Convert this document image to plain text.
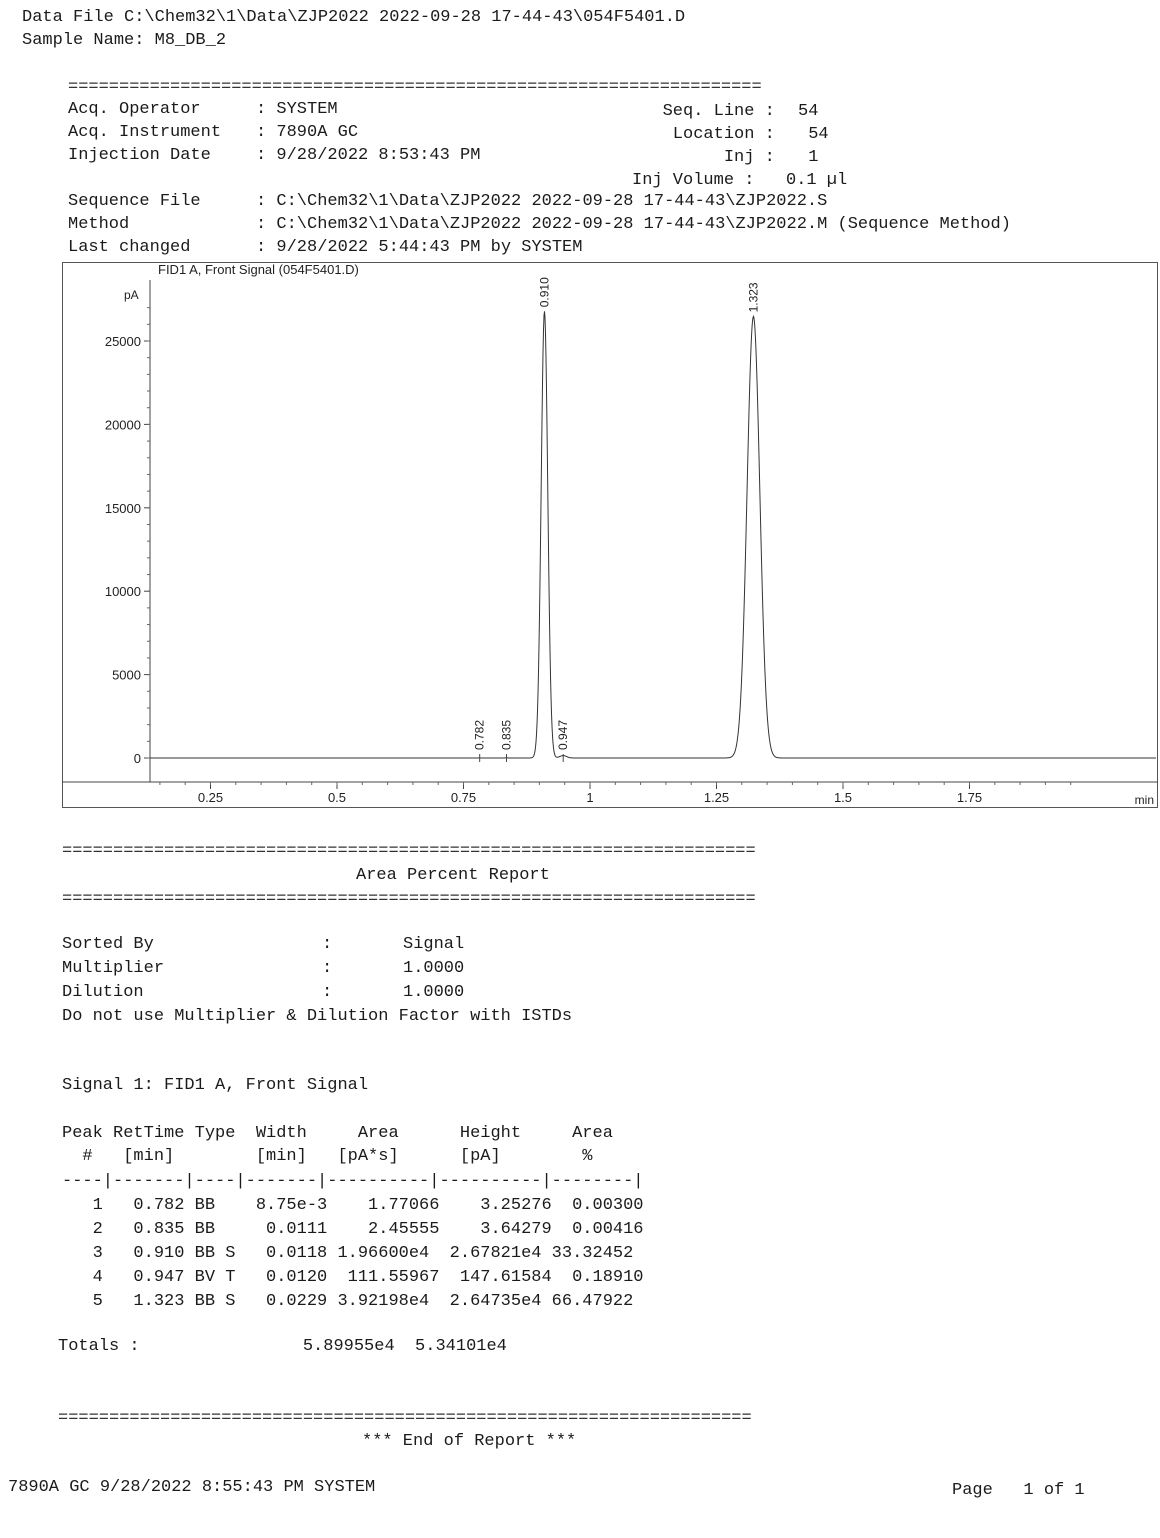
Data File C:\Chem32\1\Data\ZJP2022 2022-09-28 17-44-43\054F5401.D
Sample Name: M8_DB_2
====================================================================
Acq. Operator : SYSTEM
Acq. Instrument : 7890A GC
Injection Date : 9/28/2022 8:53:43 PM
Seq. Line : 54
Location : 54
Inj : 1
Inj Volume : 0.1 µl
Sequence File : C:\Chem32\1\Data\ZJP2022 2022-09-28 17-44-43\ZJP2022.S
Method : C:\Chem32\1\Data\ZJP2022 2022-09-28 17-44-43\ZJP2022.M (Sequence Method)
Last changed : 9/28/2022 5:44:43 PM by SYSTEM
FID1 A, Front Signal (054F5401.D)
pA
0
5000
10000
15000
20000
25000
0.25	0.5	0.75	1	1.25	1.5	1.75	min
0.782 0.835
0.910
0.947
1.323
====================================================================
Area Percent Report
====================================================================
Sorted By	:	Signal
Multiplier	:	1.0000
Dilution	:	1.0000
Do not use Multiplier & Dilution Factor with ISTDs
Signal 1: FID1 A, Front Signal
Peak RetTime Type  Width     Area      Height     Area
#   [min]        [min]   [pA*s]      [pA]        %
----|-------|----|-------|----------|----------|--------|
1   0.782 BB    8.75e-3    1.77066    3.25276  0.00300
2   0.835 BB     0.0111    2.45555    3.64279  0.00416
3   0.910 BB S   0.0118 1.96600e4  2.67821e4 33.32452
4   0.947 BV T   0.0120  111.55967  147.61584  0.18910
5   1.323 BB S   0.0229 3.92198e4  2.64735e4 66.47922
Totals :                5.89955e4  5.34101e4
====================================================================
*** End of Report ***
7890A GC 9/28/2022 8:55:43 PM SYSTEM	Page   1 of 1
